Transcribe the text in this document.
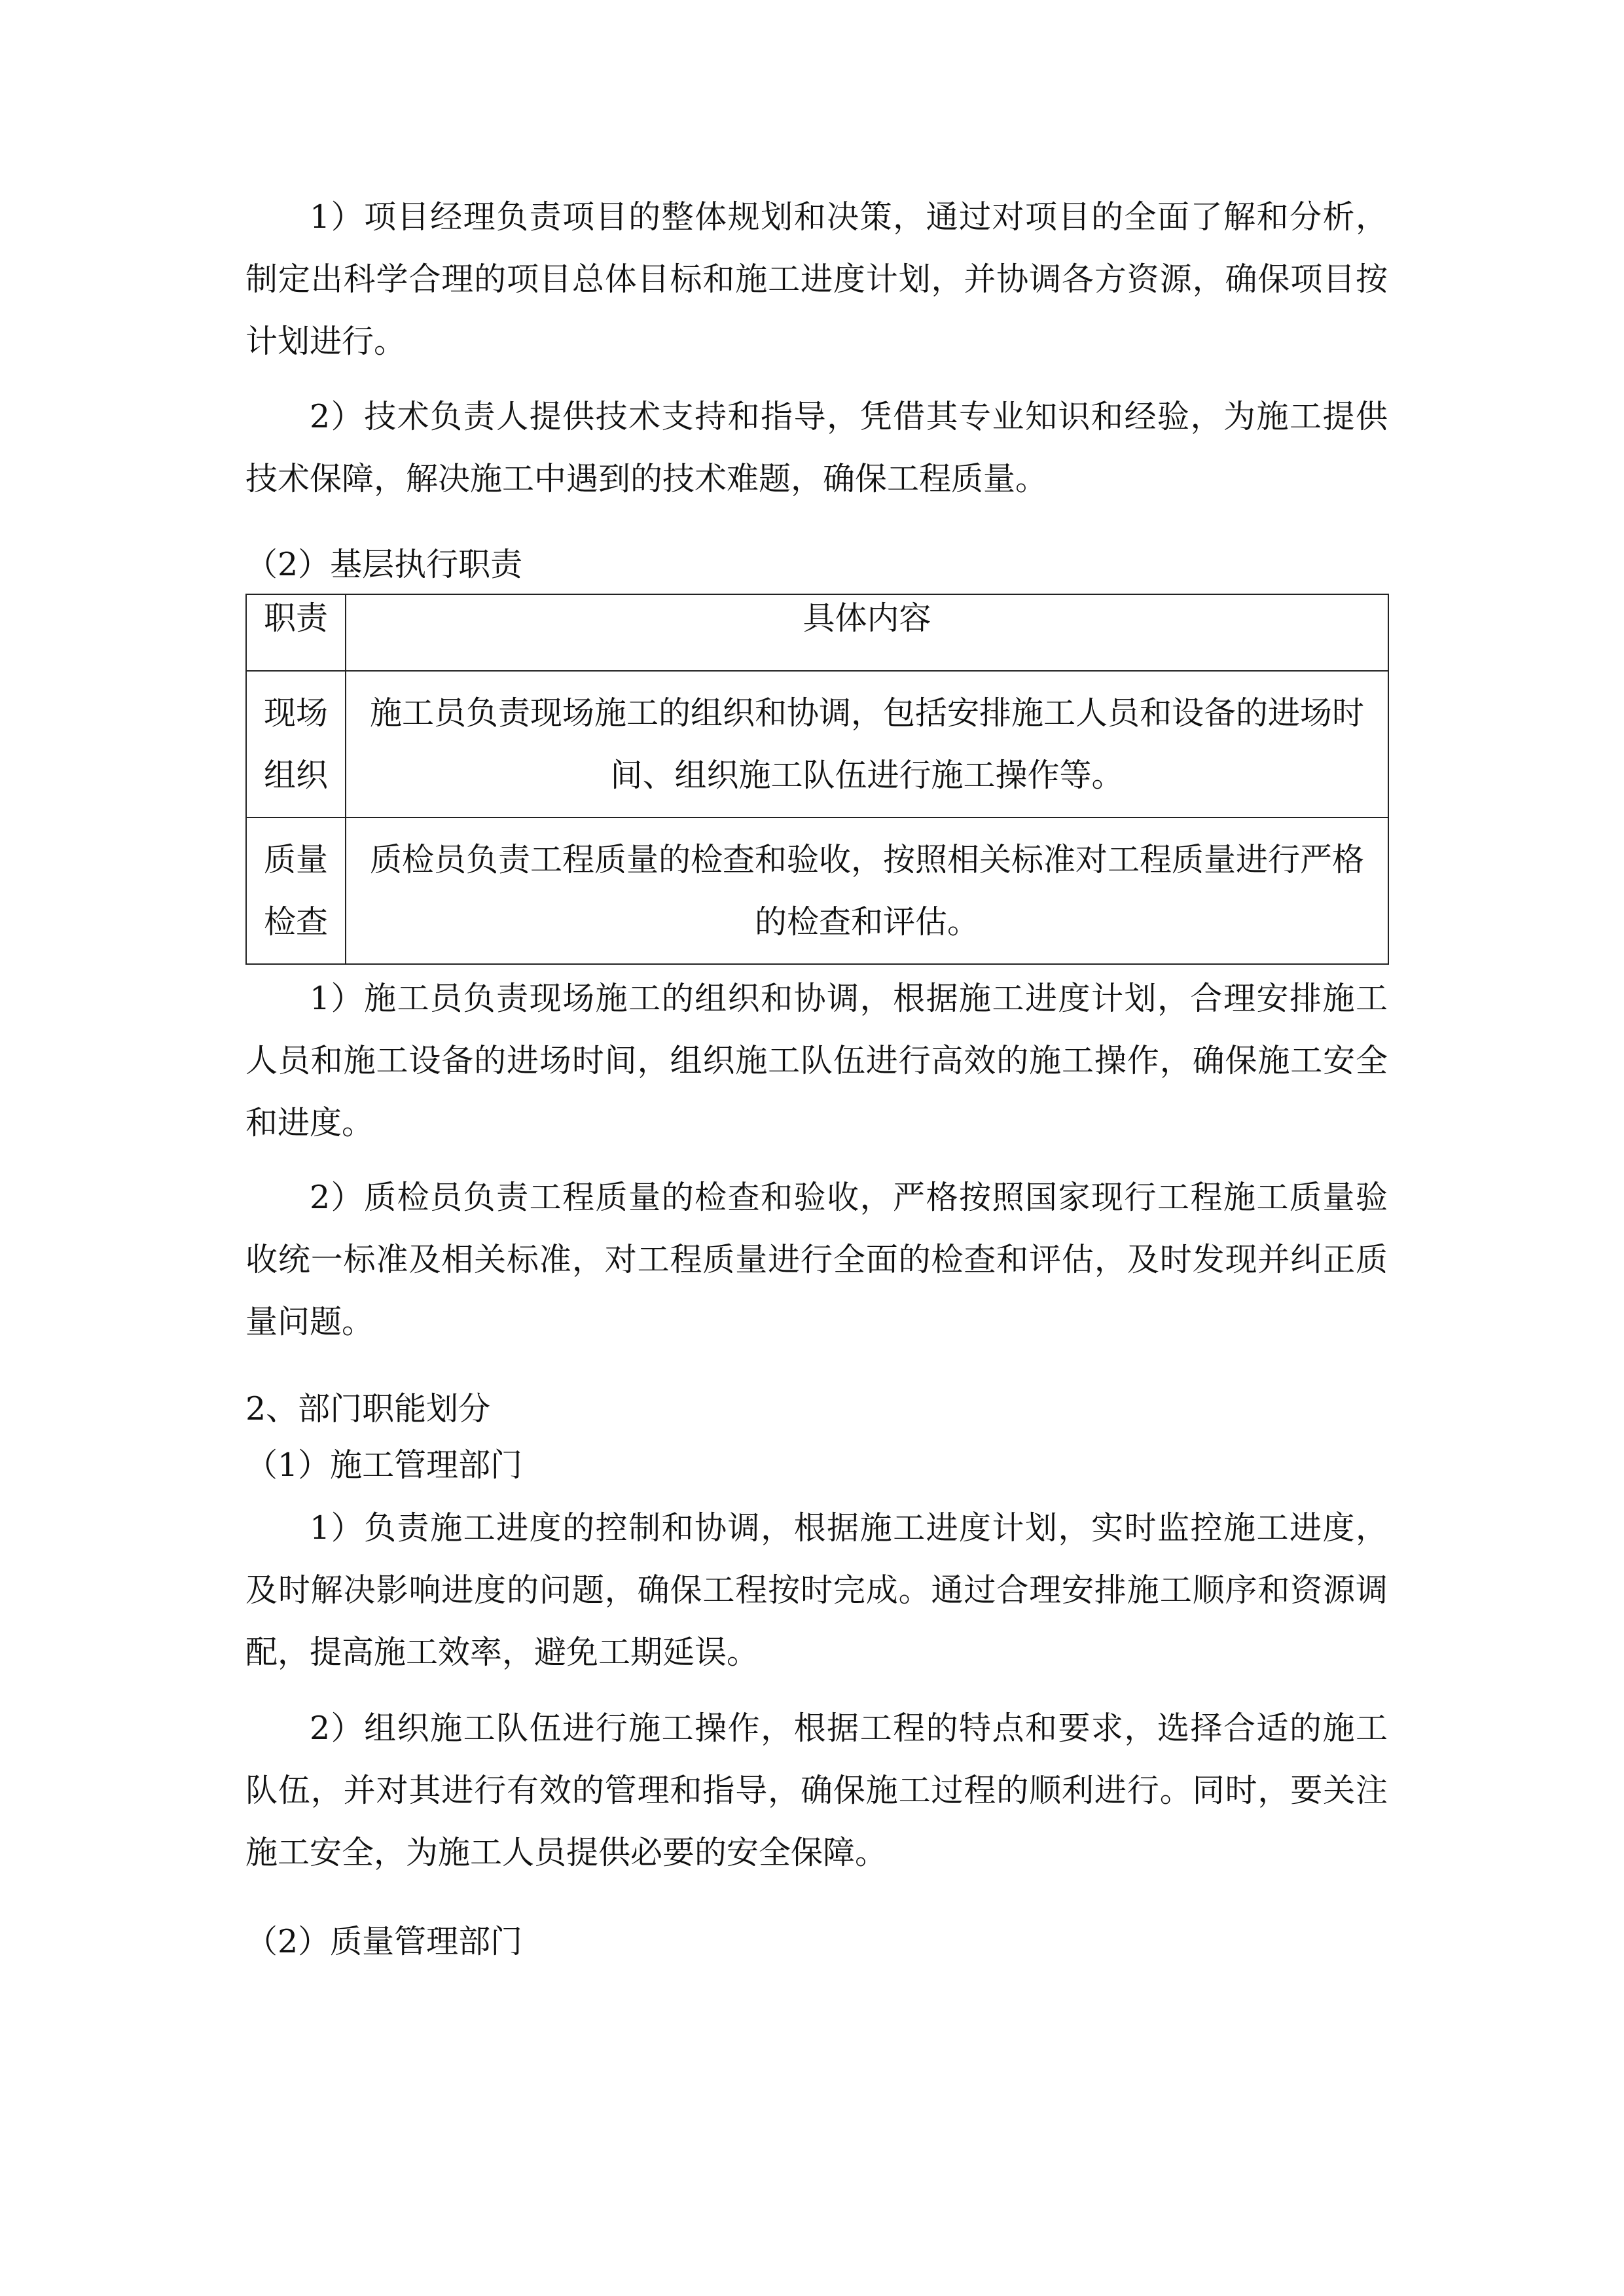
1）项目经理负责项目的整体规划和决策，通过对项目的全面了解和分析，制定出科学合理的项目总体目标和施工进度计划，并协调各方资源，确保项目按计划进行。

2）技术负责人提供技术支持和指导，凭借其专业知识和经验，为施工提供技术保障，解决施工中遇到的技术难题，确保工程质量。

（2）基层执行职责

职责	具体内容

现场组织	施工员负责现场施工的组织和协调，包括安排施工人员和设备的进场时间、组织施工队伍进行施工操作等。

质量检查	质检员负责工程质量的检查和验收，按照相关标准对工程质量进行严格的检查和评估。

1）施工员负责现场施工的组织和协调，根据施工进度计划，合理安排施工人员和施工设备的进场时间，组织施工队伍进行高效的施工操作，确保施工安全和进度。

2）质检员负责工程质量的检查和验收，严格按照国家现行工程施工质量验收统一标准及相关标准，对工程质量进行全面的检查和评估，及时发现并纠正质量问题。

2、部门职能划分

（1）施工管理部门

1）负责施工进度的控制和协调，根据施工进度计划，实时监控施工进度，及时解决影响进度的问题，确保工程按时完成。通过合理安排施工顺序和资源调配，提高施工效率，避免工期延误。

2）组织施工队伍进行施工操作，根据工程的特点和要求，选择合适的施工队伍，并对其进行有效的管理和指导，确保施工过程的顺利进行。同时，要关注施工安全，为施工人员提供必要的安全保障。

（2）质量管理部门
